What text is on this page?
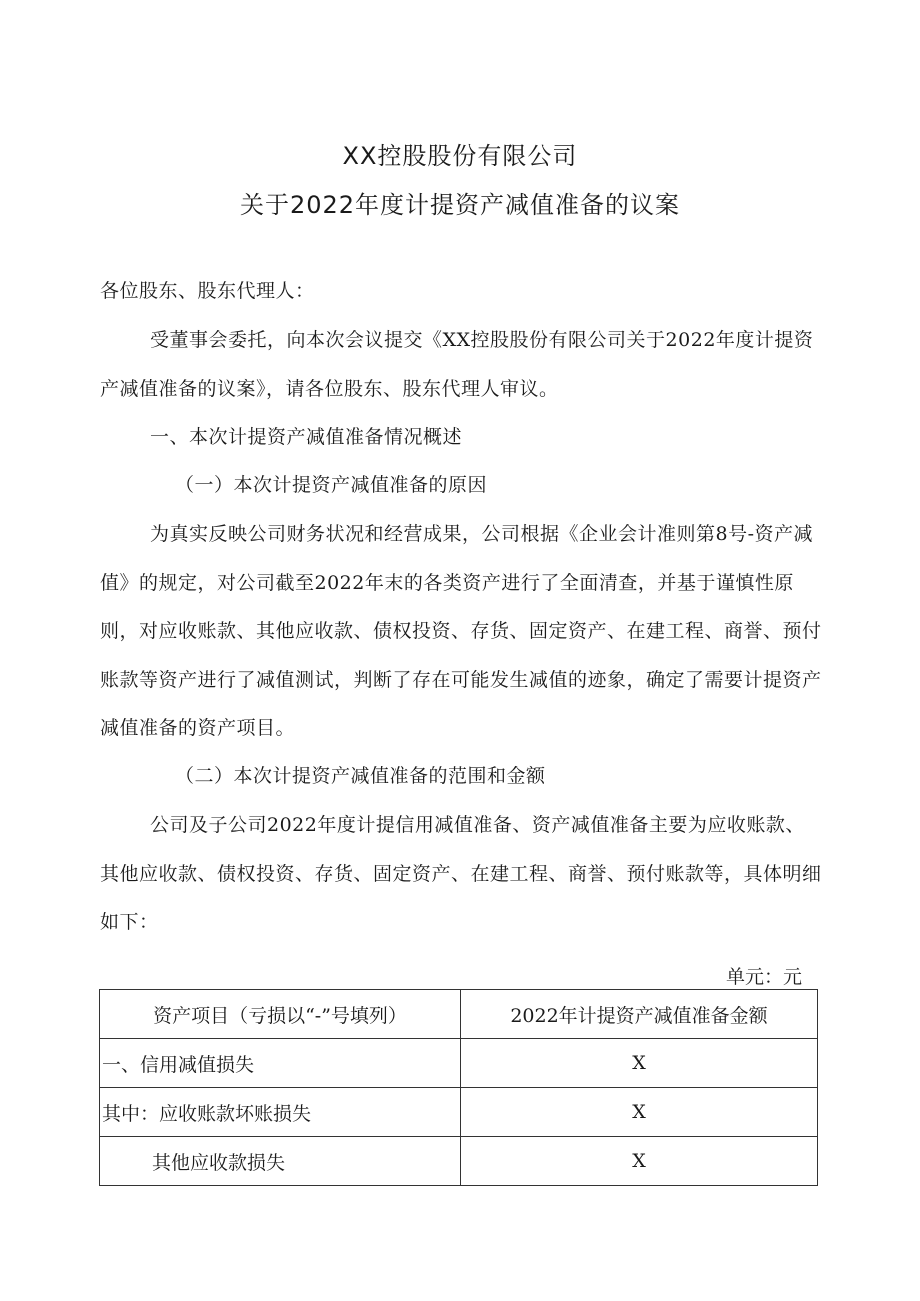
XX控股股份有限公司
关于2022年度计提资产减值准备的议案

各位股东、股东代理人：

受董事会委托，向本次会议提交《XX控股股份有限公司关于2022年度计提资产减值准备的议案》，请各位股东、股东代理人审议。

一、本次计提资产减值准备情况概述

（一）本次计提资产减值准备的原因

为真实反映公司财务状况和经营成果，公司根据《企业会计准则第8号-资产减值》的规定，对公司截至2022年末的各类资产进行了全面清查，并基于谨慎性原则，对应收账款、其他应收款、债权投资、存货、固定资产、在建工程、商誉、预付账款等资产进行了减值测试，判断了存在可能发生减值的迹象，确定了需要计提资产减值准备的资产项目。

（二）本次计提资产减值准备的范围和金额

公司及子公司2022年度计提信用减值准备、资产减值准备主要为应收账款、其他应收款、债权投资、存货、固定资产、在建工程、商誉、预付账款等，具体明细如下：

单元：元
资产项目（亏损以“-”号填列）	2022年计提资产减值准备金额
一、信用减值损失	X
其中：应收账款坏账损失	X
其他应收款损失	X
